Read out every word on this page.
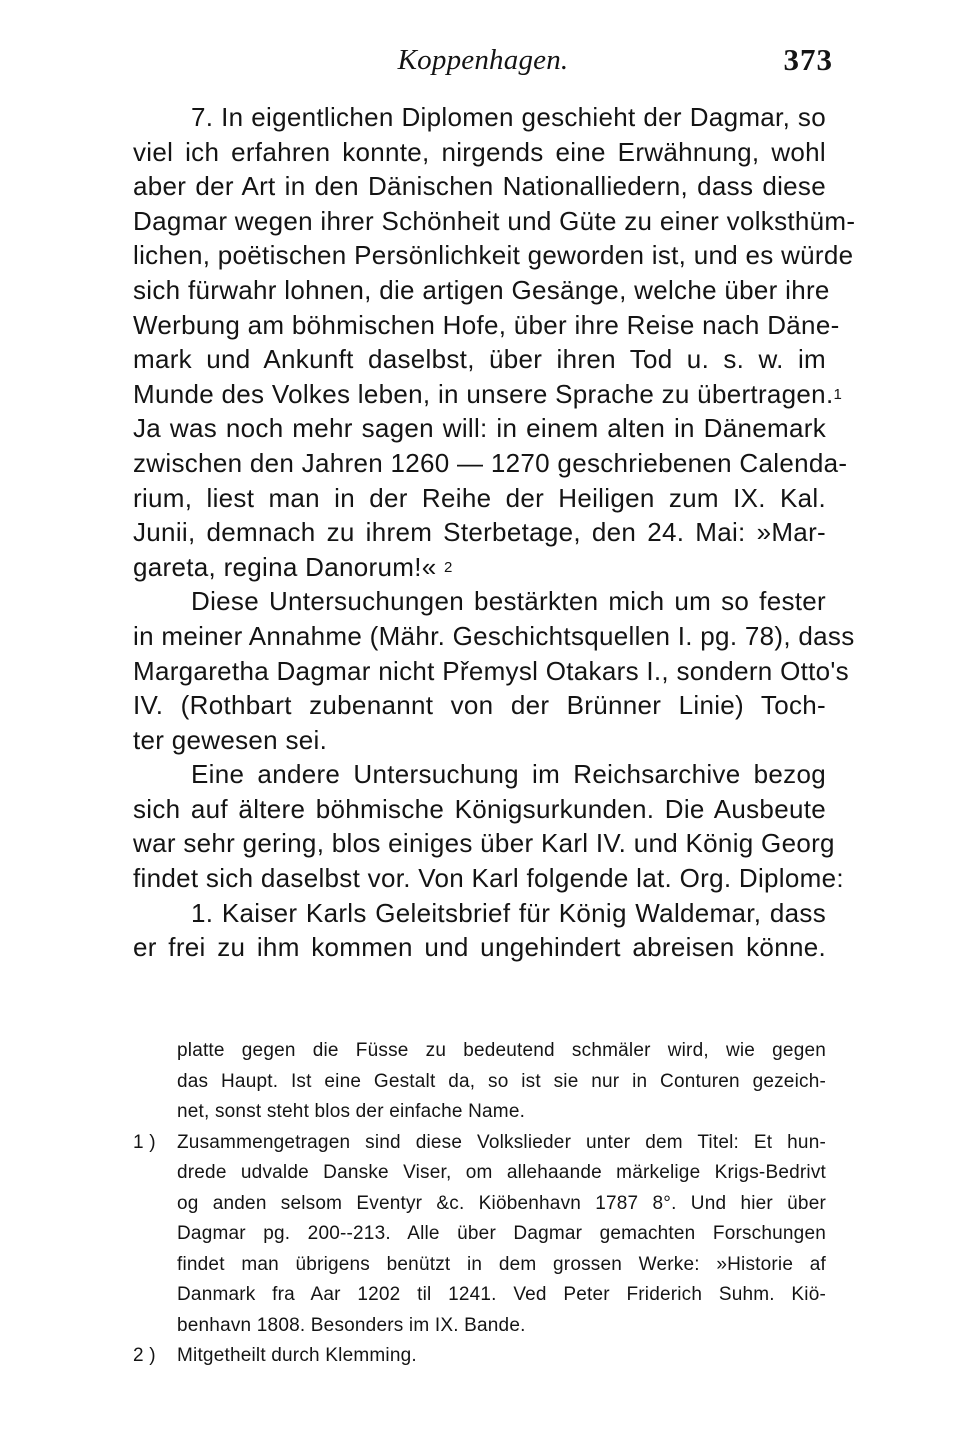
Koppenhagen.	373
7. In eigentlichen Diplomen geschieht der Dagmar, so
viel ich erfahren konnte, nirgends eine Erwähnung, wohl
aber der Art in den Dänischen Nationalliedern, dass diese
Dagmar wegen ihrer Schönheit und Güte zu einer volksthüm-
lichen, poëtischen Persönlichkeit geworden ist, und es würde
sich fürwahr lohnen, die artigen Gesänge, welche über ihre
Werbung am böhmischen Hofe, über ihre Reise nach Däne-
mark und Ankunft daselbst, über ihren Tod u. s. w. im
Munde des Volkes leben, in unsere Sprache zu übertragen.$^1$
Ja was noch mehr sagen will: in einem alten in Dänemark
zwischen den Jahren 1260 — 1270 geschriebenen Calenda-
rium, liest man in der Reihe der Heiligen zum IX. Kal.
Junii, demnach zu ihrem Sterbetage, den 24. Mai: »Mar-
gareta, regina Danorum!« $^2$
Diese Untersuchungen bestärkten mich um so fester
in meiner Annahme (Mähr. Geschichtsquellen I. pg. 78), dass
Margaretha Dagmar nicht Přemysl Otakars I., sondern Otto's
IV. (Rothbart zubenannt von der Brünner Linie) Toch-
ter gewesen sei.
Eine andere Untersuchung im Reichsarchive bezog
sich auf ältere böhmische Königsurkunden. Die Ausbeute
war sehr gering, blos einiges über Karl IV. und König Georg
findet sich daselbst vor. Von Karl folgende lat. Org. Diplome:
1. Kaiser Karls Geleitsbrief für König Waldemar, dass
er frei zu ihm kommen und ungehindert abreisen könne.
platte gegen die Füsse zu bedeutend schmäler wird, wie gegen
das Haupt. Ist eine Gestalt da, so ist sie nur in Conturen gezeich-
net, sonst steht blos der einfache Name.
1 )	Zusammengetragen sind diese Volkslieder unter dem Titel: Et hun-
drede udvalde Danske Viser, om allehaande märkelige Krigs-Bedrivt
og anden selsom Eventyr &c. Kiöbenhavn 1787 8°. Und hier über
Dagmar pg. 200--213. Alle über Dagmar gemachten Forschungen
findet man übrigens benützt in dem grossen Werke: »Historie af
Danmark fra Aar 1202 til 1241. Ved Peter Friderich Suhm. Kiö-
benhavn 1808. Besonders im IX. Bande.
2 )	Mitgetheilt durch Klemming.
